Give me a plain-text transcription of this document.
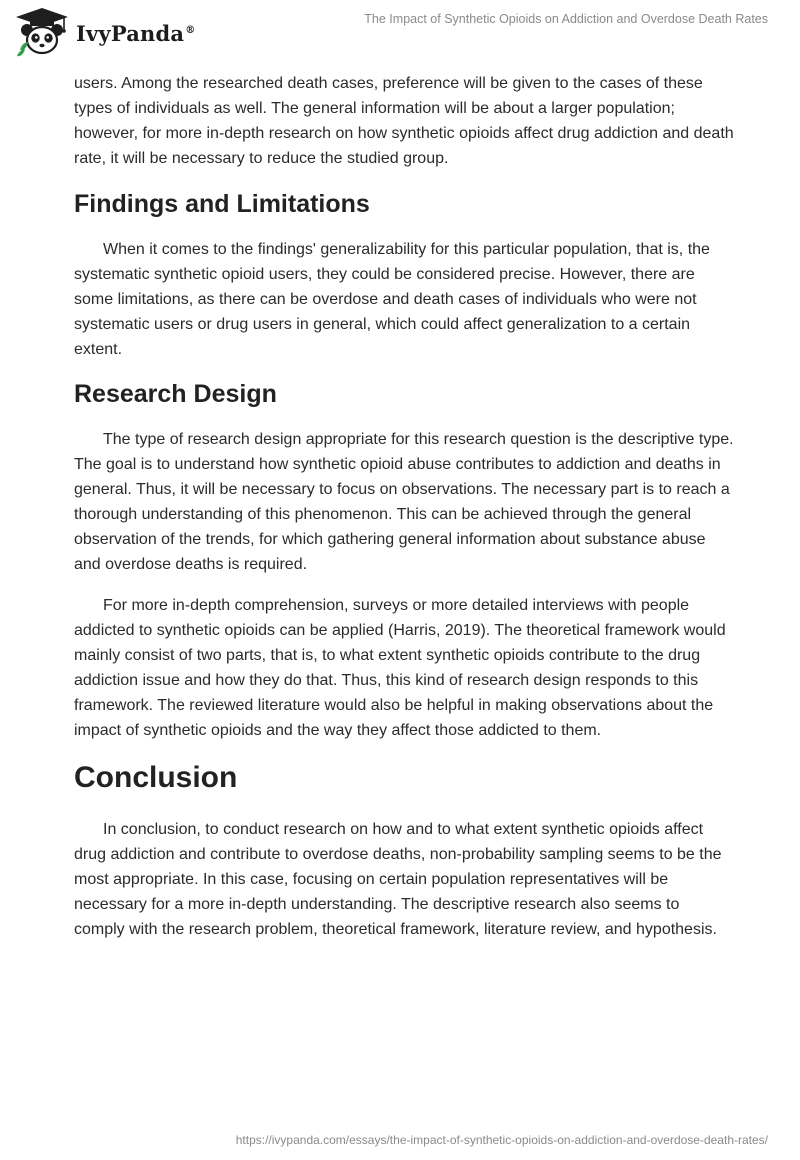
IvyPanda®
The Impact of Synthetic Opioids on Addiction and Overdose Death Rates

users. Among the researched death cases, preference will be given to the cases of these types of individuals as well. The general information will be about a larger population; however, for more in-depth research on how synthetic opioids affect drug addiction and death rate, it will be necessary to reduce the studied group.

Findings and Limitations

When it comes to the findings' generalizability for this particular population, that is, the systematic synthetic opioid users, they could be considered precise. However, there are some limitations, as there can be overdose and death cases of individuals who were not systematic users or drug users in general, which could affect generalization to a certain extent.

Research Design

The type of research design appropriate for this research question is the descriptive type. The goal is to understand how synthetic opioid abuse contributes to addiction and deaths in general. Thus, it will be necessary to focus on observations. The necessary part is to reach a thorough understanding of this phenomenon. This can be achieved through the general observation of the trends, for which gathering general information about substance abuse and overdose deaths is required.

For more in-depth comprehension, surveys or more detailed interviews with people addicted to synthetic opioids can be applied (Harris, 2019). The theoretical framework would mainly consist of two parts, that is, to what extent synthetic opioids contribute to the drug addiction issue and how they do that. Thus, this kind of research design responds to this framework. The reviewed literature would also be helpful in making observations about the impact of synthetic opioids and the way they affect those addicted to them.

Conclusion

In conclusion, to conduct research on how and to what extent synthetic opioids affect drug addiction and contribute to overdose deaths, non-probability sampling seems to be the most appropriate. In this case, focusing on certain population representatives will be necessary for a more in-depth understanding. The descriptive research also seems to comply with the research problem, theoretical framework, literature review, and hypothesis.

https://ivypanda.com/essays/the-impact-of-synthetic-opioids-on-addiction-and-overdose-death-rates/
